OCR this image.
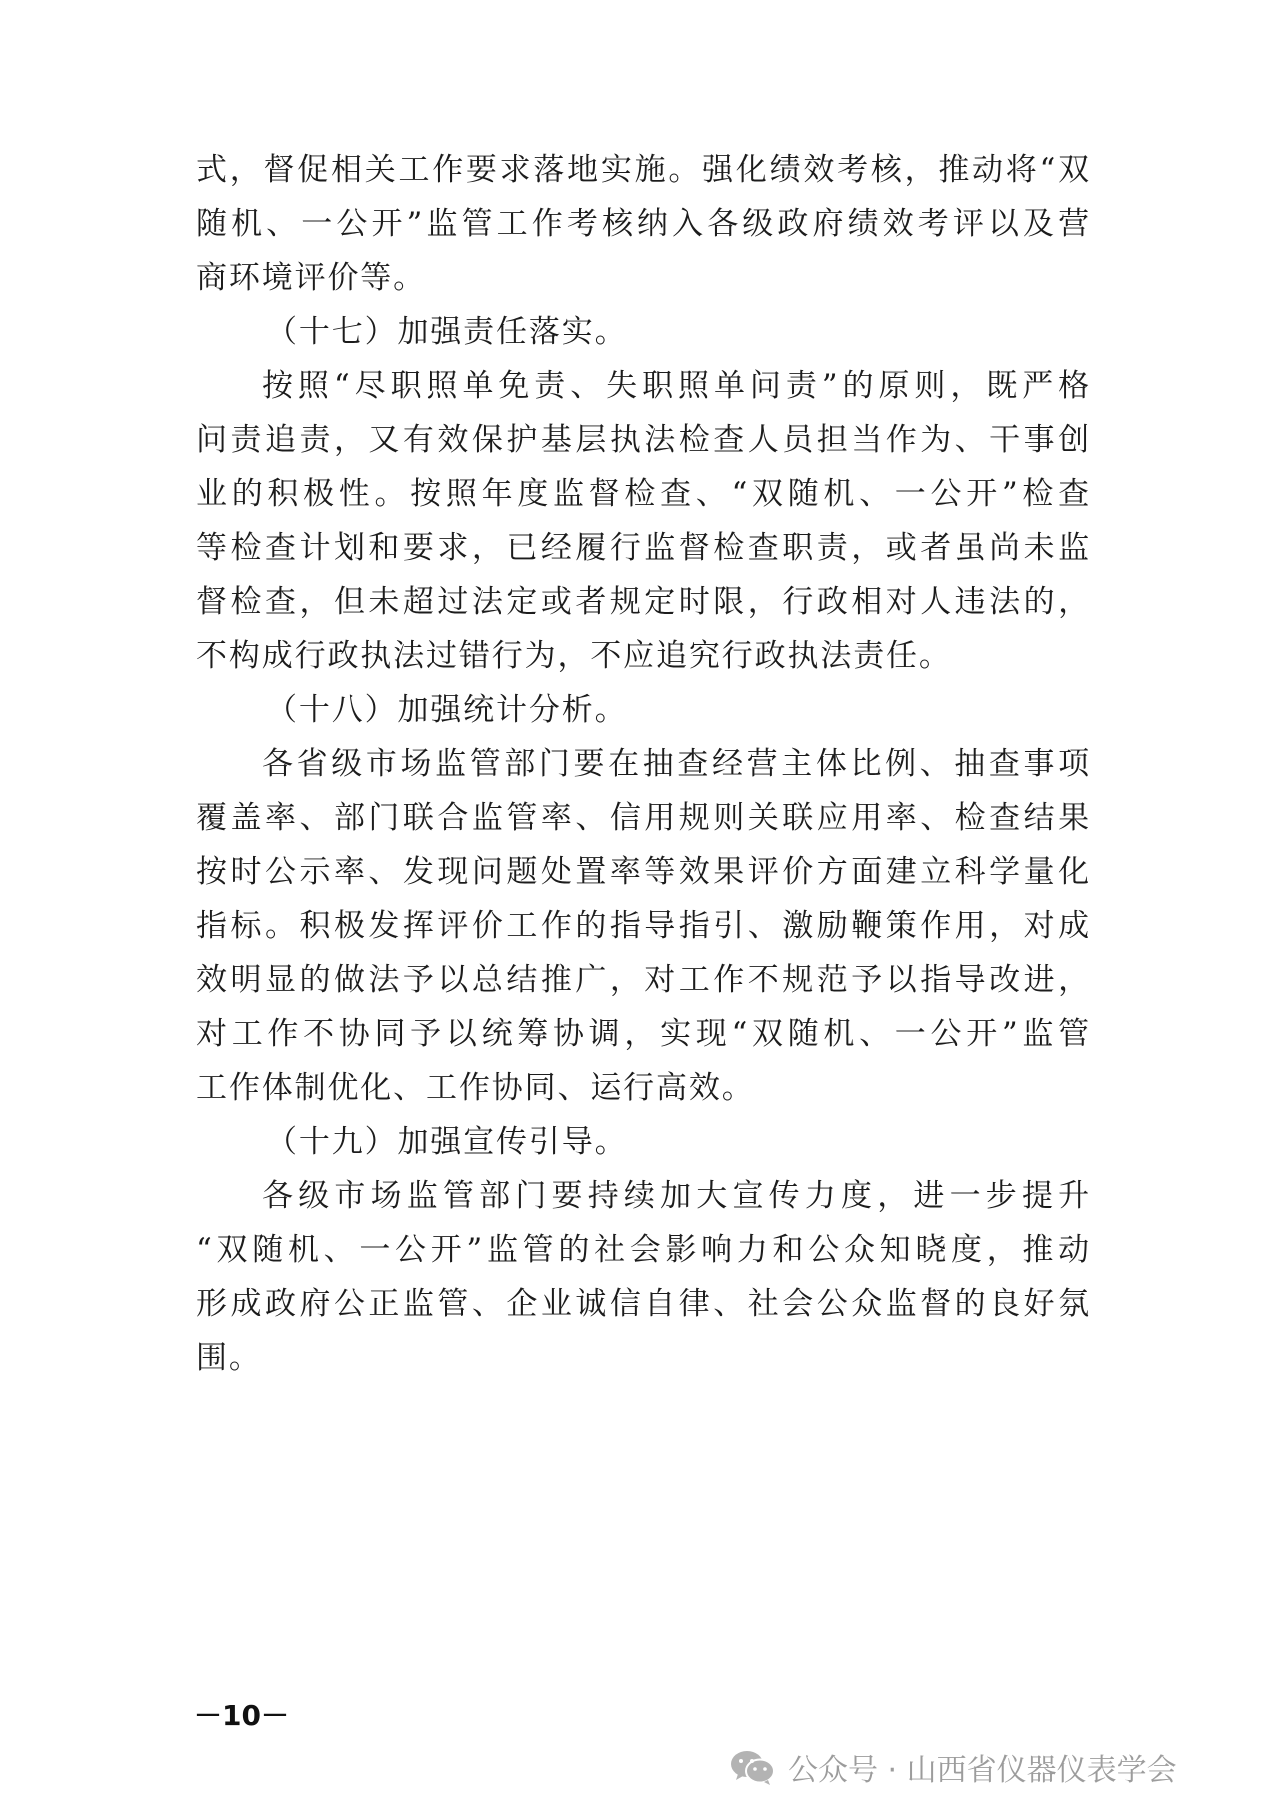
式，督促相关工作要求落地实施。强化绩效考核，推动将“双
随机、一公开”监管工作考核纳入各级政府绩效考评以及营
商环境评价等。
（十七）加强责任落实。
按照“尽职照单免责、失职照单问责”的原则，既严格
问责追责，又有效保护基层执法检查人员担当作为、干事创
业的积极性。按照年度监督检查、“双随机、一公开”检查
等检查计划和要求，已经履行监督检查职责，或者虽尚未监
督检查，但未超过法定或者规定时限，行政相对人违法的，
不构成行政执法过错行为，不应追究行政执法责任。
（十八）加强统计分析。
各省级市场监管部门要在抽查经营主体比例、抽查事项
覆盖率、部门联合监管率、信用规则关联应用率、检查结果
按时公示率、发现问题处置率等效果评价方面建立科学量化
指标。积极发挥评价工作的指导指引、激励鞭策作用，对成
效明显的做法予以总结推广，对工作不规范予以指导改进，
对工作不协同予以统筹协调，实现“双随机、一公开”监管
工作体制优化、工作协同、运行高效。
（十九）加强宣传引导。
各级市场监管部门要持续加大宣传力度，进一步提升
“双随机、一公开”监管的社会影响力和公众知晓度，推动
形成政府公正监管、企业诚信自律、社会公众监督的良好氛
围。
－10－
公众号 · 山西省仪器仪表学会
